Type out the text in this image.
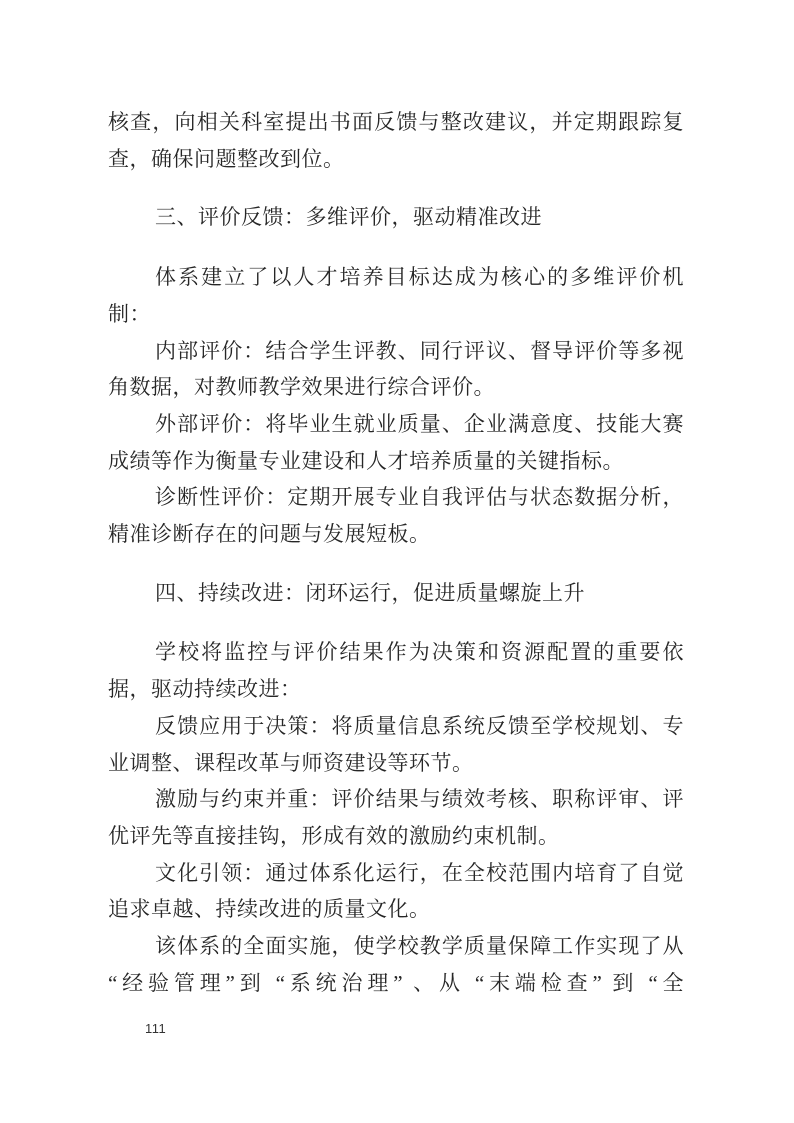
核查，向相关科室提出书面反馈与整改建议，并定期跟踪复
查，确保问题整改到位。
三、评价反馈：多维评价，驱动精准改进
体系建立了以人才培养目标达成为核心的多维评价机
制：
内部评价：结合学生评教、同行评议、督导评价等多视
角数据，对教师教学效果进行综合评价。
外部评价：将毕业生就业质量、企业满意度、技能大赛
成绩等作为衡量专业建设和人才培养质量的关键指标。
诊断性评价：定期开展专业自我评估与状态数据分析，
精准诊断存在的问题与发展短板。
四、持续改进：闭环运行，促进质量螺旋上升
学校将监控与评价结果作为决策和资源配置的重要依
据，驱动持续改进：
反馈应用于决策：将质量信息系统反馈至学校规划、专
业调整、课程改革与师资建设等环节。
激励与约束并重：评价结果与绩效考核、职称评审、评
优评先等直接挂钩，形成有效的激励约束机制。
文化引领：通过体系化运行，在全校范围内培育了自觉
追求卓越、持续改进的质量文化。
该体系的全面实施，使学校教学质量保障工作实现了从
“经验管理”到 “系统治理” 、从 “末端检查” 到 “全
111
